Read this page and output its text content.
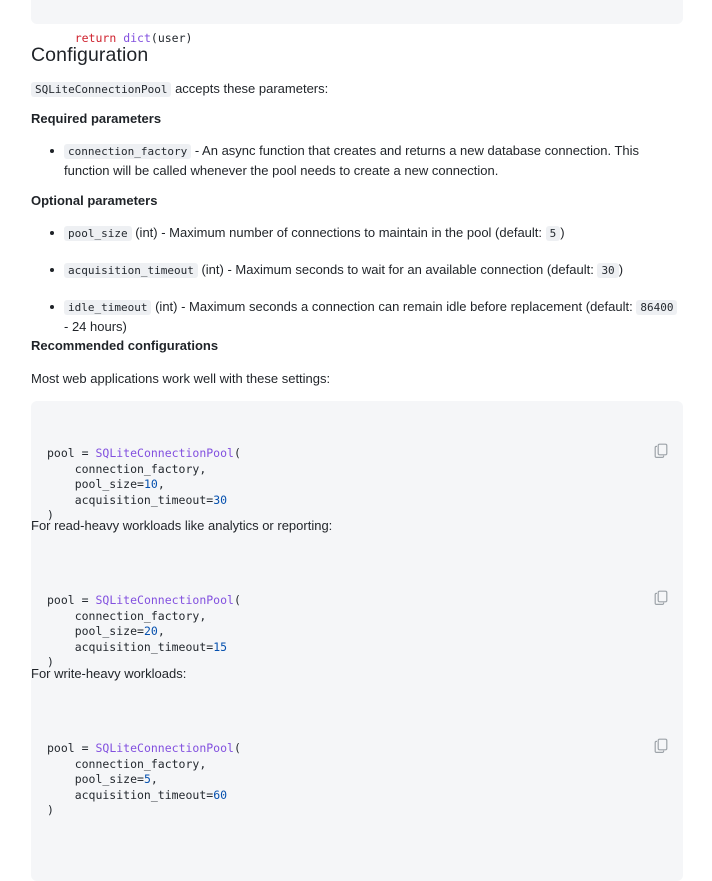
return dict(user)

Configuration
SQLiteConnectionPool accepts these parameters:
Required parameters
connection_factory - An async function that creates and returns a new database connection. This function will be called whenever the pool needs to create a new connection.
Optional parameters
pool_size (int) - Maximum number of connections to maintain in the pool (default: 5 )
acquisition_timeout (int) - Maximum seconds to wait for an available connection (default: 30 )
idle_timeout (int) - Maximum seconds a connection can remain idle before replacement (default: 86400 - 24 hours)
Recommended configurations
Most web applications work well with these settings:

pool = SQLiteConnectionPool(
connection_factory,
pool_size=10,
acquisition_timeout=30
)

For read-heavy workloads like analytics or reporting:

pool = SQLiteConnectionPool(
connection_factory,
pool_size=20,
acquisition_timeout=15
)

For write-heavy workloads:

pool = SQLiteConnectionPool(
connection_factory,
pool_size=5,
acquisition_timeout=60
)
